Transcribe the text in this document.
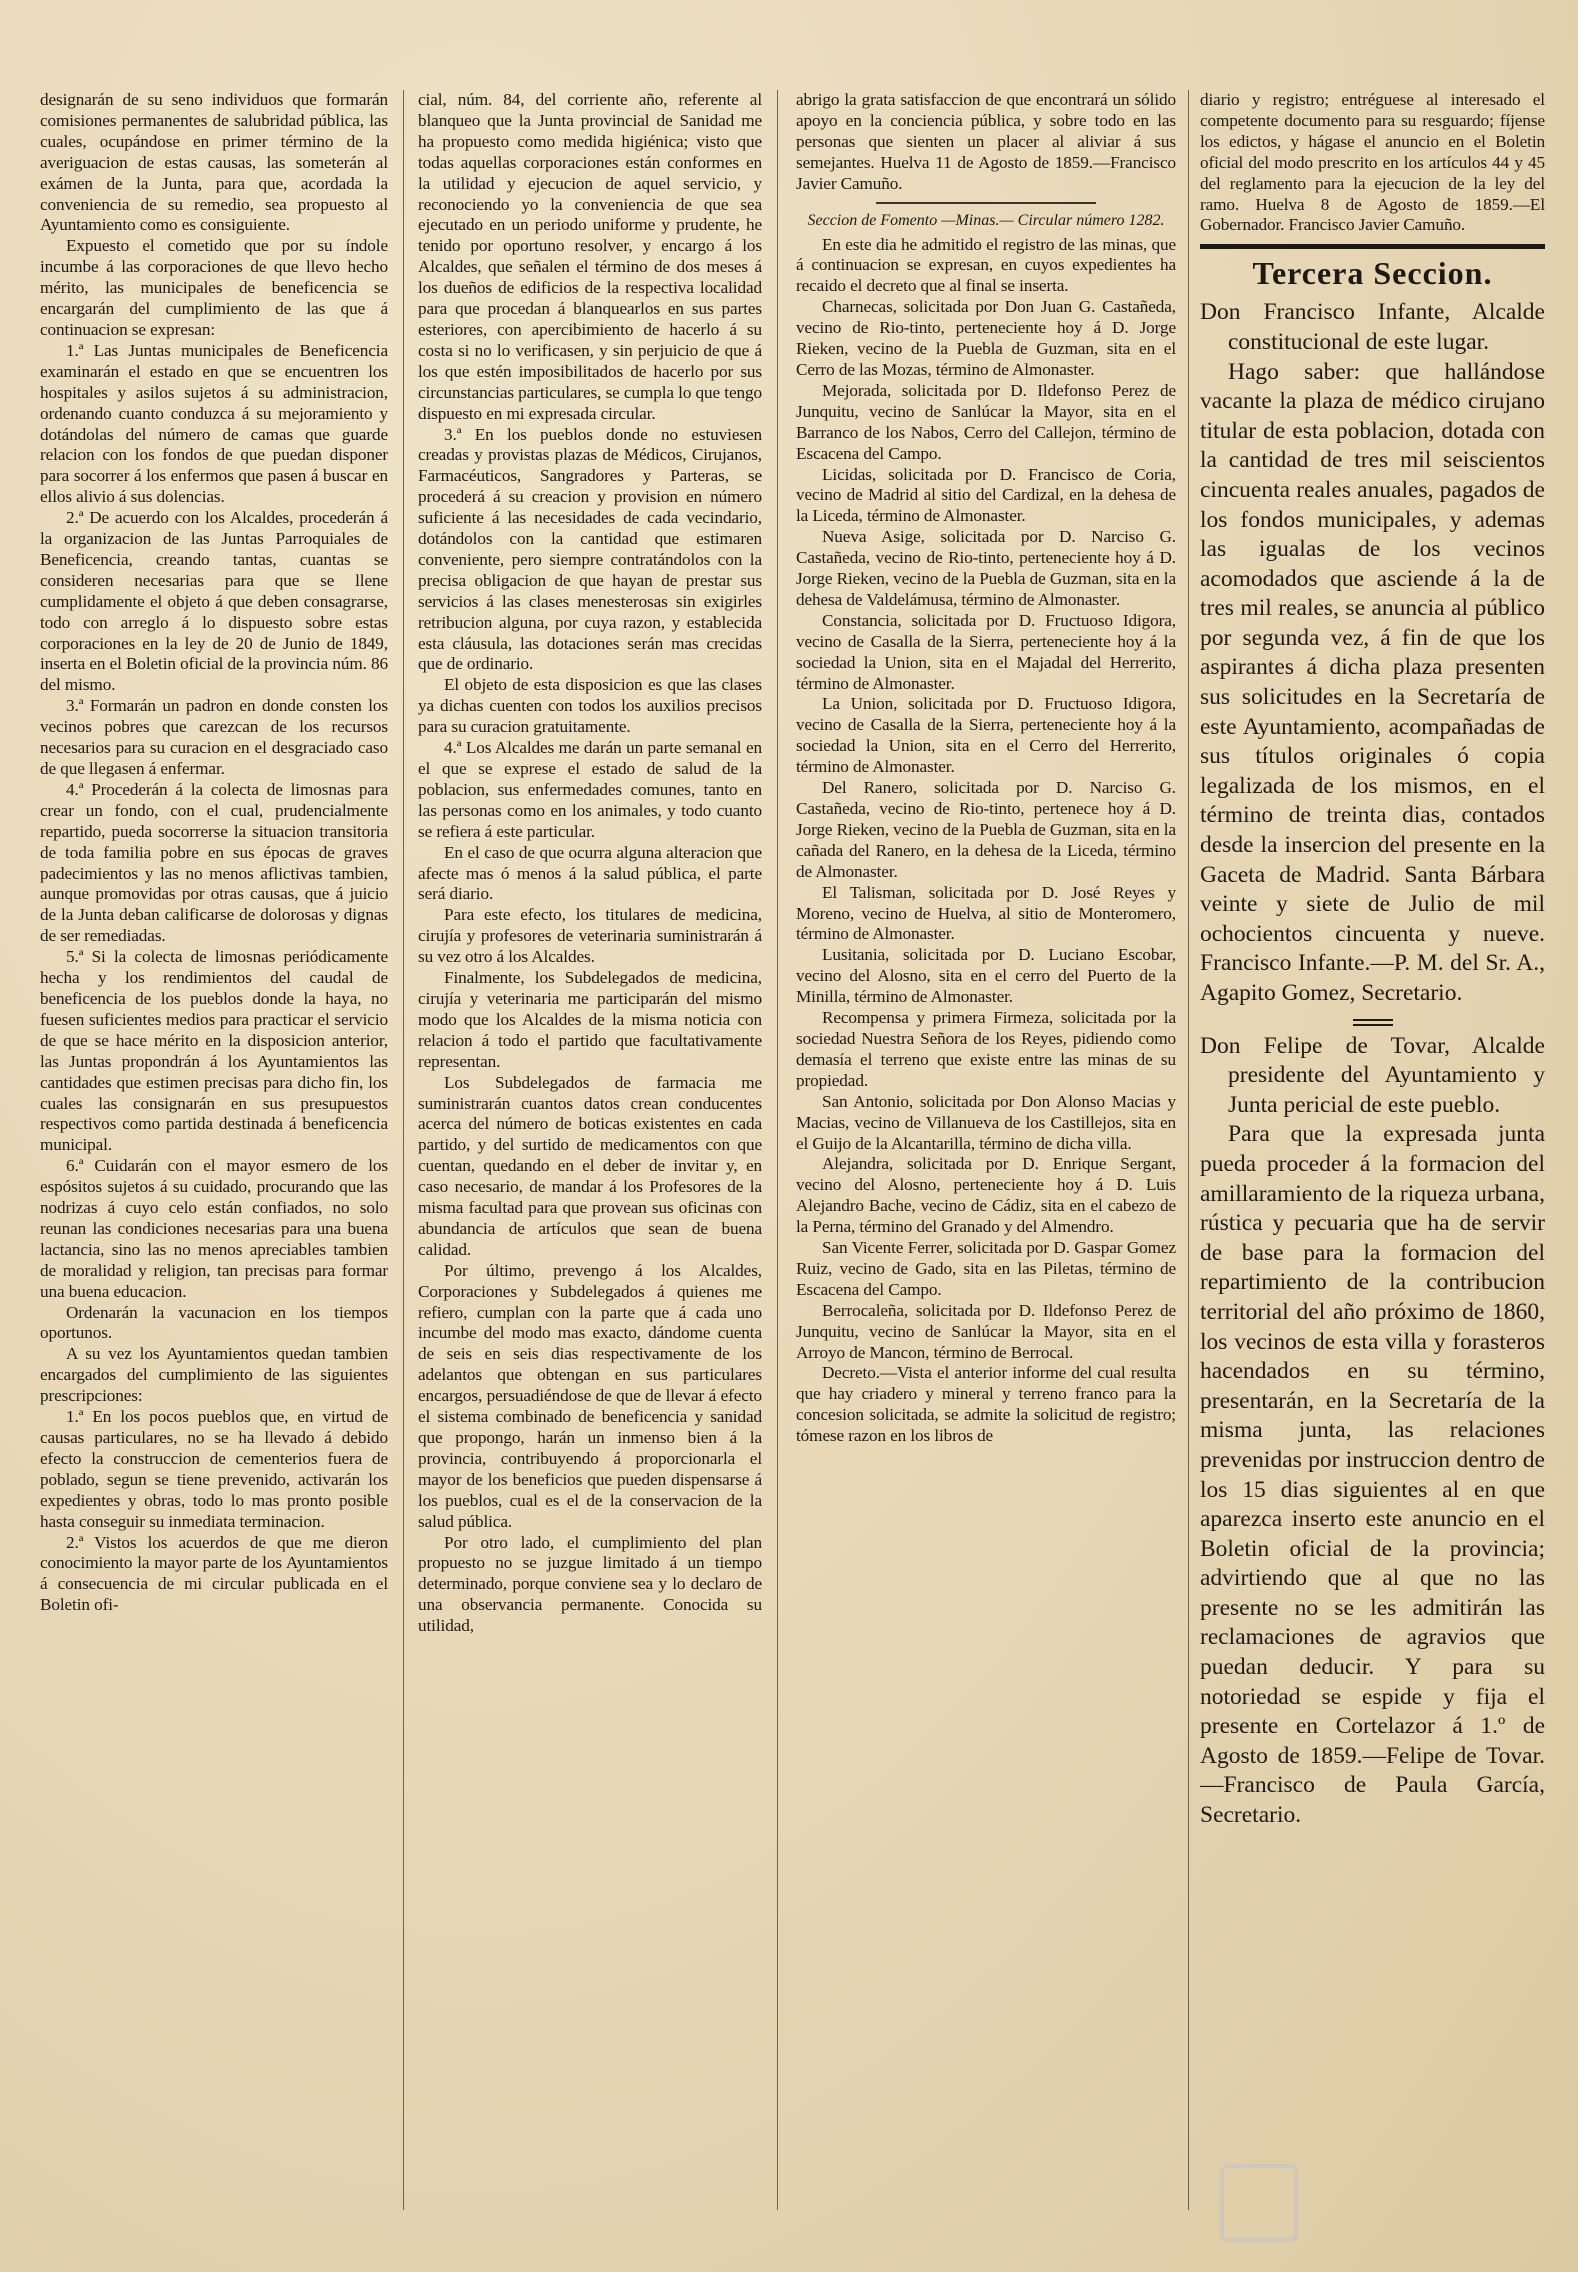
designarán de su seno individuos que formarán comisiones permanentes de salubridad pública, las cuales, ocupándose en primer término de la averiguacion de estas causas, las someterán al exámen de la Junta, para que, acordada la conveniencia de su remedio, sea propuesto al Ayuntamiento como es consiguiente.

Expuesto el cometido que por su índole incumbe á las corporaciones de que llevo hecho mérito, las municipales de beneficencia se encargarán del cumplimiento de las que á continuacion se expresan:

1.ª Las Juntas municipales de Beneficencia examinarán el estado en que se encuentren los hospitales y asilos sujetos á su administracion, ordenando cuanto conduzca á su mejoramiento y dotándolas del número de camas que guarde relacion con los fondos de que puedan disponer para socorrer á los enfermos que pasen á buscar en ellos alivio á sus dolencias.

2.ª De acuerdo con los Alcaldes, procederán á la organizacion de las Juntas Parroquiales de Beneficencia, creando tantas, cuantas se consideren necesarias para que se llene cumplidamente el objeto á que deben consagrarse, todo con arreglo á lo dispuesto sobre estas corporaciones en la ley de 20 de Junio de 1849, inserta en el Boletin oficial de la provincia núm. 86 del mismo.

3.ª Formarán un padron en donde consten los vecinos pobres que carezcan de los recursos necesarios para su curacion en el desgraciado caso de que llegasen á enfermar.

4.ª Procederán á la colecta de limosnas para crear un fondo, con el cual, prudencialmente repartido, pueda socorrerse la situacion transitoria de toda familia pobre en sus épocas de graves padecimientos y las no menos aflictivas tambien, aunque promovidas por otras causas, que á juicio de la Junta deban calificarse de dolorosas y dignas de ser remediadas.

5.ª Si la colecta de limosnas periódicamente hecha y los rendimientos del caudal de beneficencia de los pueblos donde la haya, no fuesen suficientes medios para practicar el servicio de que se hace mérito en la disposicion anterior, las Juntas propondrán á los Ayuntamientos las cantidades que estimen precisas para dicho fin, los cuales las consignarán en sus presupuestos respectivos como partida destinada á beneficencia municipal.

6.ª Cuidarán con el mayor esmero de los espósitos sujetos á su cuidado, procurando que las nodrizas á cuyo celo están confiados, no solo reunan las condiciones necesarias para una buena lactancia, sino las no menos apreciables tambien de moralidad y religion, tan precisas para formar una buena educacion.

Ordenarán la vacunacion en los tiempos oportunos.

A su vez los Ayuntamientos quedan tambien encargados del cumplimiento de las siguientes prescripciones:

1.ª En los pocos pueblos que, en virtud de causas particulares, no se ha llevado á debido efecto la construccion de cementerios fuera de poblado, segun se tiene prevenido, activarán los expedientes y obras, todo lo mas pronto posible hasta conseguir su inmediata terminacion.

2.ª Vistos los acuerdos de que me dieron conocimiento la mayor parte de los Ayuntamientos á consecuencia de mi circular publicada en el Boletin ofi-

cial, núm. 84, del corriente año, referente al blanqueo que la Junta provincial de Sanidad me ha propuesto como medida higiénica; visto que todas aquellas corporaciones están conformes en la utilidad y ejecucion de aquel servicio, y reconociendo yo la conveniencia de que sea ejecutado en un periodo uniforme y prudente, he tenido por oportuno resolver, y encargo á los Alcaldes, que señalen el término de dos meses á los dueños de edificios de la respectiva localidad para que procedan á blanquearlos en sus partes esteriores, con apercibimiento de hacerlo á su costa si no lo verificasen, y sin perjuicio de que á los que estén imposibilitados de hacerlo por sus circunstancias particulares, se cumpla lo que tengo dispuesto en mi expresada circular.

3.ª En los pueblos donde no estuviesen creadas y provistas plazas de Médicos, Cirujanos, Farmacéuticos, Sangradores y Parteras, se procederá á su creacion y provision en número suficiente á las necesidades de cada vecindario, dotándolos con la cantidad que estimaren conveniente, pero siempre contratándolos con la precisa obligacion de que hayan de prestar sus servicios á las clases menesterosas sin exigirles retribucion alguna, por cuya razon, y establecida esta cláusula, las dotaciones serán mas crecidas que de ordinario.

El objeto de esta disposicion es que las clases ya dichas cuenten con todos los auxilios precisos para su curacion gratuitamente.

4.ª Los Alcaldes me darán un parte semanal en el que se exprese el estado de salud de la poblacion, sus enfermedades comunes, tanto en las personas como en los animales, y todo cuanto se refiera á este particular.

En el caso de que ocurra alguna alteracion que afecte mas ó menos á la salud pública, el parte será diario.

Para este efecto, los titulares de medicina, cirujía y profesores de veterinaria suministrarán á su vez otro á los Alcaldes.

Finalmente, los Subdelegados de medicina, cirujía y veterinaria me participarán del mismo modo que los Alcaldes de la misma noticia con relacion á todo el partido que facultativamente representan.

Los Subdelegados de farmacia me suministrarán cuantos datos crean conducentes acerca del número de boticas existentes en cada partido, y del surtido de medicamentos con que cuentan, quedando en el deber de invitar y, en caso necesario, de mandar á los Profesores de la misma facultad para que provean sus oficinas con abundancia de artículos que sean de buena calidad.

Por último, prevengo á los Alcaldes, Corporaciones y Subdelegados á quienes me refiero, cumplan con la parte que á cada uno incumbe del modo mas exacto, dándome cuenta de seis en seis dias respectivamente de los adelantos que obtengan en sus particulares encargos, persuadiéndose de que de llevar á efecto el sistema combinado de beneficencia y sanidad que propongo, harán un inmenso bien á la provincia, contribuyendo á proporcionarla el mayor de los beneficios que pueden dispensarse á los pueblos, cual es el de la conservacion de la salud pública.

Por otro lado, el cumplimiento del plan propuesto no se juzgue limitado á un tiempo determinado, porque conviene sea y lo declaro de una observancia permanente. Conocida su utilidad,

abrigo la grata satisfaccion de que encontrará un sólido apoyo en la conciencia pública, y sobre todo en las personas que sienten un placer al aliviar á sus semejantes. Huelva 11 de Agosto de 1859.—Francisco Javier Camuño.

Seccion de Fomento —Minas.— Circular número 1282.

En este dia he admitido el registro de las minas, que á continuacion se expresan, en cuyos expedientes ha recaido el decreto que al final se inserta.

Charnecas, solicitada por Don Juan G. Castañeda, vecino de Rio-tinto, perteneciente hoy á D. Jorge Rieken, vecino de la Puebla de Guzman, sita en el Cerro de las Mozas, término de Almonaster.

Mejorada, solicitada por D. Ildefonso Perez de Junquitu, vecino de Sanlúcar la Mayor, sita en el Barranco de los Nabos, Cerro del Callejon, término de Escacena del Campo.

Licidas, solicitada por D. Francisco de Coria, vecino de Madrid al sitio del Cardizal, en la dehesa de la Liceda, término de Almonaster.

Nueva Asige, solicitada por D. Narciso G. Castañeda, vecino de Rio-tinto, perteneciente hoy á D. Jorge Rieken, vecino de la Puebla de Guzman, sita en la dehesa de Valdelámusa, término de Almonaster.

Constancia, solicitada por D. Fructuoso Idigora, vecino de Casalla de la Sierra, perteneciente hoy á la sociedad la Union, sita en el Majadal del Herrerito, término de Almonaster.

La Union, solicitada por D. Fructuoso Idigora, vecino de Casalla de la Sierra, perteneciente hoy á la sociedad la Union, sita en el Cerro del Herrerito, término de Almonaster.

Del Ranero, solicitada por D. Narciso G. Castañeda, vecino de Rio-tinto, pertenece hoy á D. Jorge Rieken, vecino de la Puebla de Guzman, sita en la cañada del Ranero, en la dehesa de la Liceda, término de Almonaster.

El Talisman, solicitada por D. José Reyes y Moreno, vecino de Huelva, al sitio de Monteromero, término de Almonaster.

Lusitania, solicitada por D. Luciano Escobar, vecino del Alosno, sita en el cerro del Puerto de la Minilla, término de Almonaster.

Recompensa y primera Firmeza, solicitada por la sociedad Nuestra Señora de los Reyes, pidiendo como demasía el terreno que existe entre las minas de su propiedad.

San Antonio, solicitada por Don Alonso Macias y Macias, vecino de Villanueva de los Castillejos, sita en el Guijo de la Alcantarilla, término de dicha villa.

Alejandra, solicitada por D. Enrique Sergant, vecino del Alosno, perteneciente hoy á D. Luis Alejandro Bache, vecino de Cádiz, sita en el cabezo de la Perna, término del Granado y del Almendro.

San Vicente Ferrer, solicitada por D. Gaspar Gomez Ruiz, vecino de Gado, sita en las Piletas, término de Escacena del Campo.

Berrocaleña, solicitada por D. Ildefonso Perez de Junquitu, vecino de Sanlúcar la Mayor, sita en el Arroyo de Mancon, término de Berrocal.

Decreto.—Vista el anterior informe del cual resulta que hay criadero y mineral y terreno franco para la concesion solicitada, se admite la solicitud de registro; tómese razon en los libros de

diario y registro; entréguese al interesado el competente documento para su resguardo; fíjense los edictos, y hágase el anuncio en el Boletin oficial del modo prescrito en los artículos 44 y 45 del reglamento para la ejecucion de la ley del ramo. Huelva 8 de Agosto de 1859.—El Gobernador. Francisco Javier Camuño.

Tercera Seccion.

Don Francisco Infante, Alcalde constitucional de este lugar.

Hago saber: que hallándose vacante la plaza de médico cirujano titular de esta poblacion, dotada con la cantidad de tres mil seiscientos cincuenta reales anuales, pagados de los fondos municipales, y ademas las igualas de los vecinos acomodados que asciende á la de tres mil reales, se anuncia al público por segunda vez, á fin de que los aspirantes á dicha plaza presenten sus solicitudes en la Secretaría de este Ayuntamiento, acompañadas de sus títulos originales ó copia legalizada de los mismos, en el término de treinta dias, contados desde la insercion del presente en la Gaceta de Madrid. Santa Bárbara veinte y siete de Julio de mil ochocientos cincuenta y nueve. Francisco Infante.—P. M. del Sr. A., Agapito Gomez, Secretario.

Don Felipe de Tovar, Alcalde presidente del Ayuntamiento y Junta pericial de este pueblo.

Para que la expresada junta pueda proceder á la formacion del amillaramiento de la riqueza urbana, rústica y pecuaria que ha de servir de base para la formacion del repartimiento de la contribucion territorial del año próximo de 1860, los vecinos de esta villa y forasteros hacendados en su término, presentarán, en la Secretaría de la misma junta, las relaciones prevenidas por instruccion dentro de los 15 dias siguientes al en que aparezca inserto este anuncio en el Boletin oficial de la provincia; advirtiendo que al que no las presente no se les admitirán las reclamaciones de agravios que puedan deducir. Y para su notoriedad se espide y fija el presente en Cortelazor á 1.º de Agosto de 1859.—Felipe de Tovar.—Francisco de Paula García, Secretario.
